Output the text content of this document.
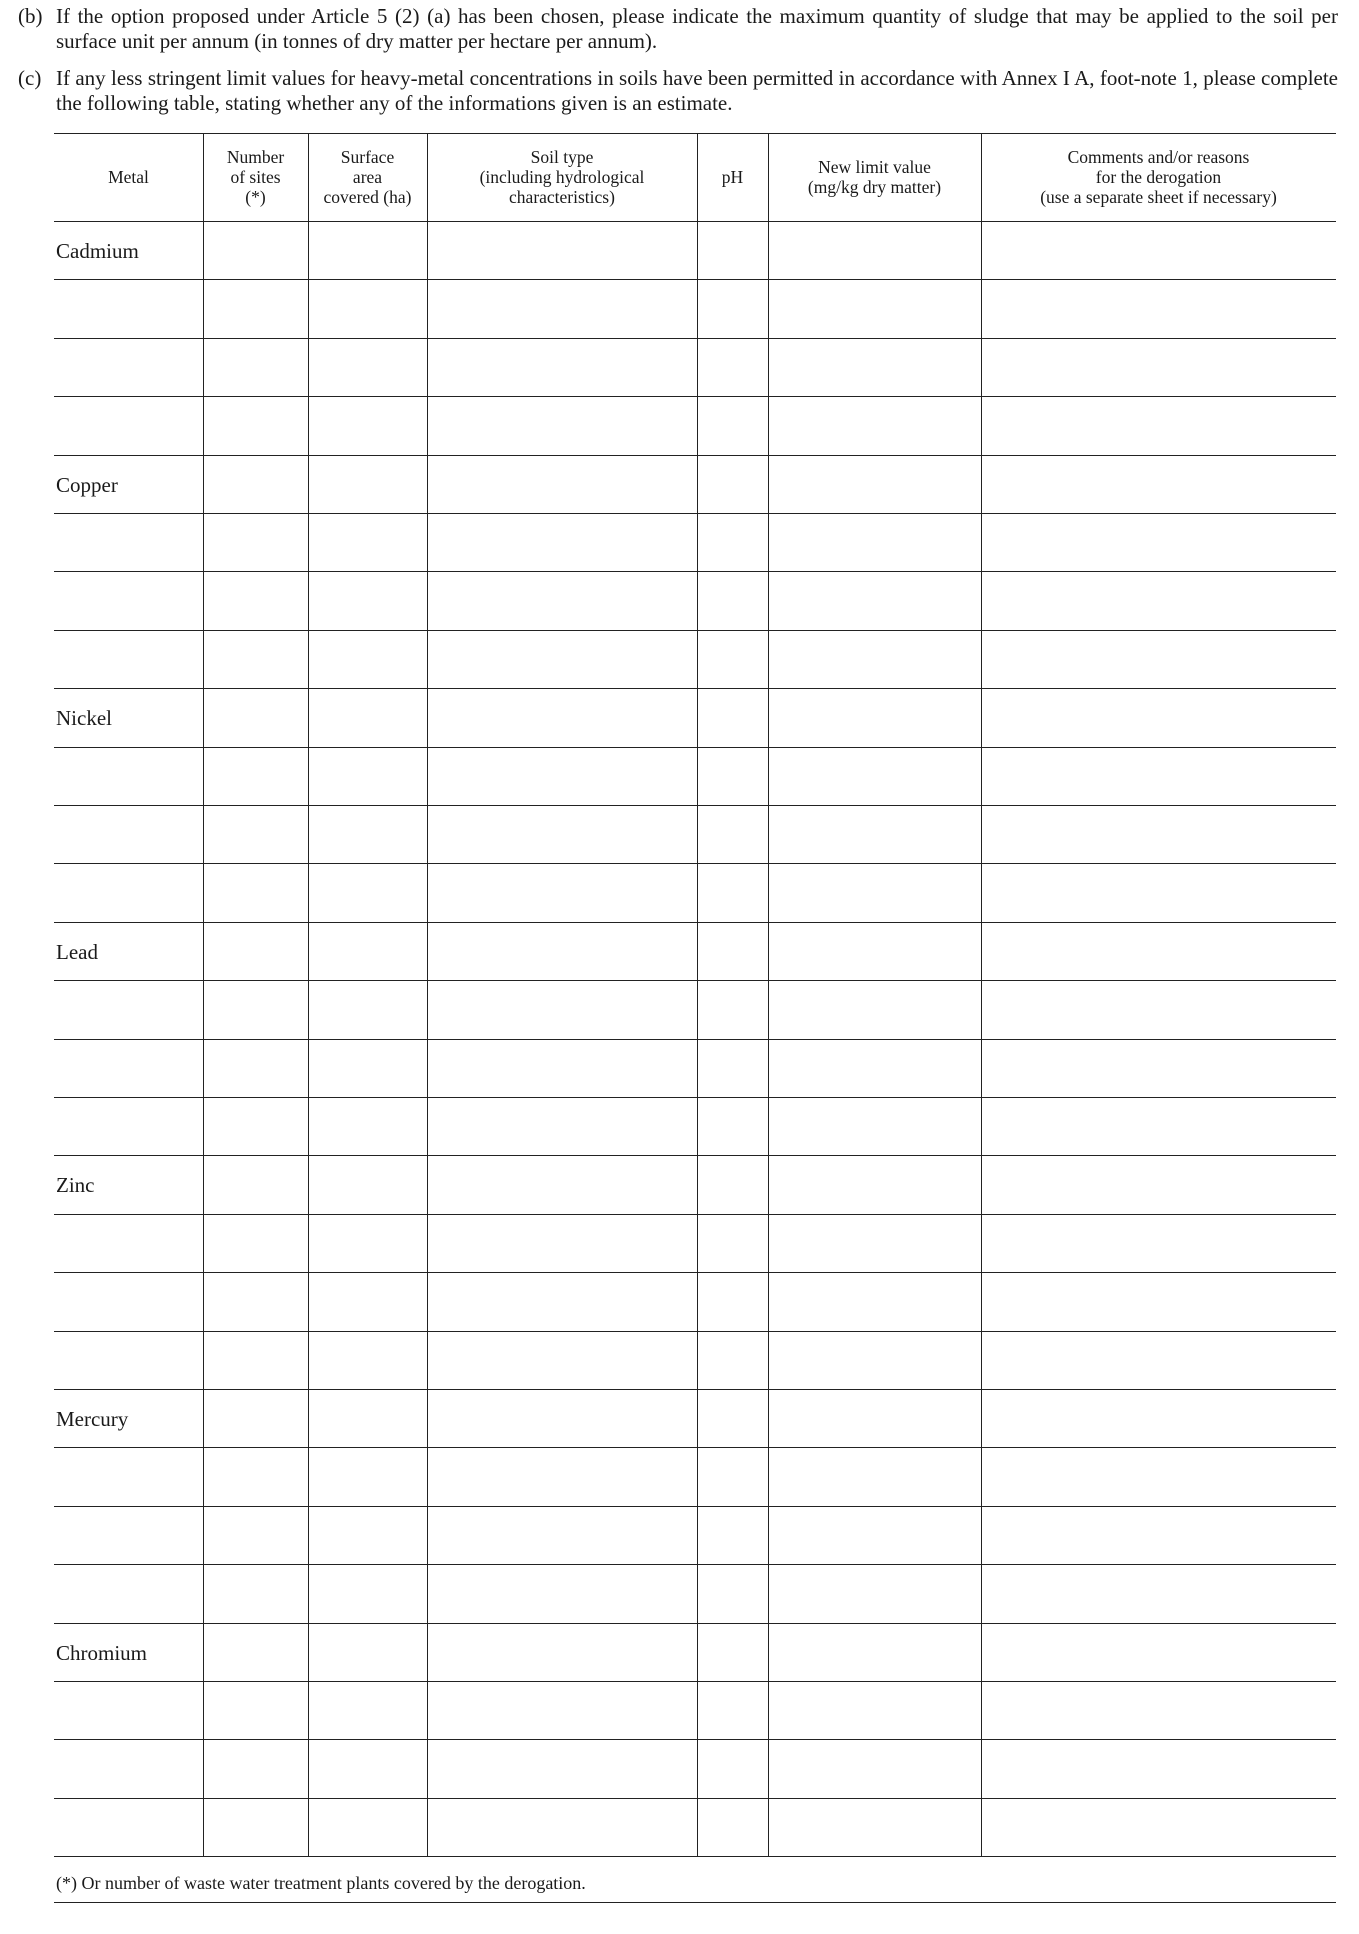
(b) If the option proposed under Article 5 (2) (a) has been chosen, please indicate the maximum quantity of sludge that may be applied to the soil per surface unit per annum (in tonnes of dry matter per hectare per annum).
(c) If any less stringent limit values for heavy-metal concentrations in soils have been permitted in accordance with Annex I A, foot-note 1, please complete the following table, stating whether any of the informations given is an estimate.
Metal
Number
of sites
(*)
Surface
area
covered (ha)
Soil type
(including hydrological
characteristics)
pH	New limit value
(mg/kg dry matter)
Comments and/or reasons
for the derogation
(use a separate sheet if necessary)
Cadmium
Copper
Nickel
Lead
Zinc
Mercury
Chromium
(*) Or number of waste water treatment plants covered by the derogation.
